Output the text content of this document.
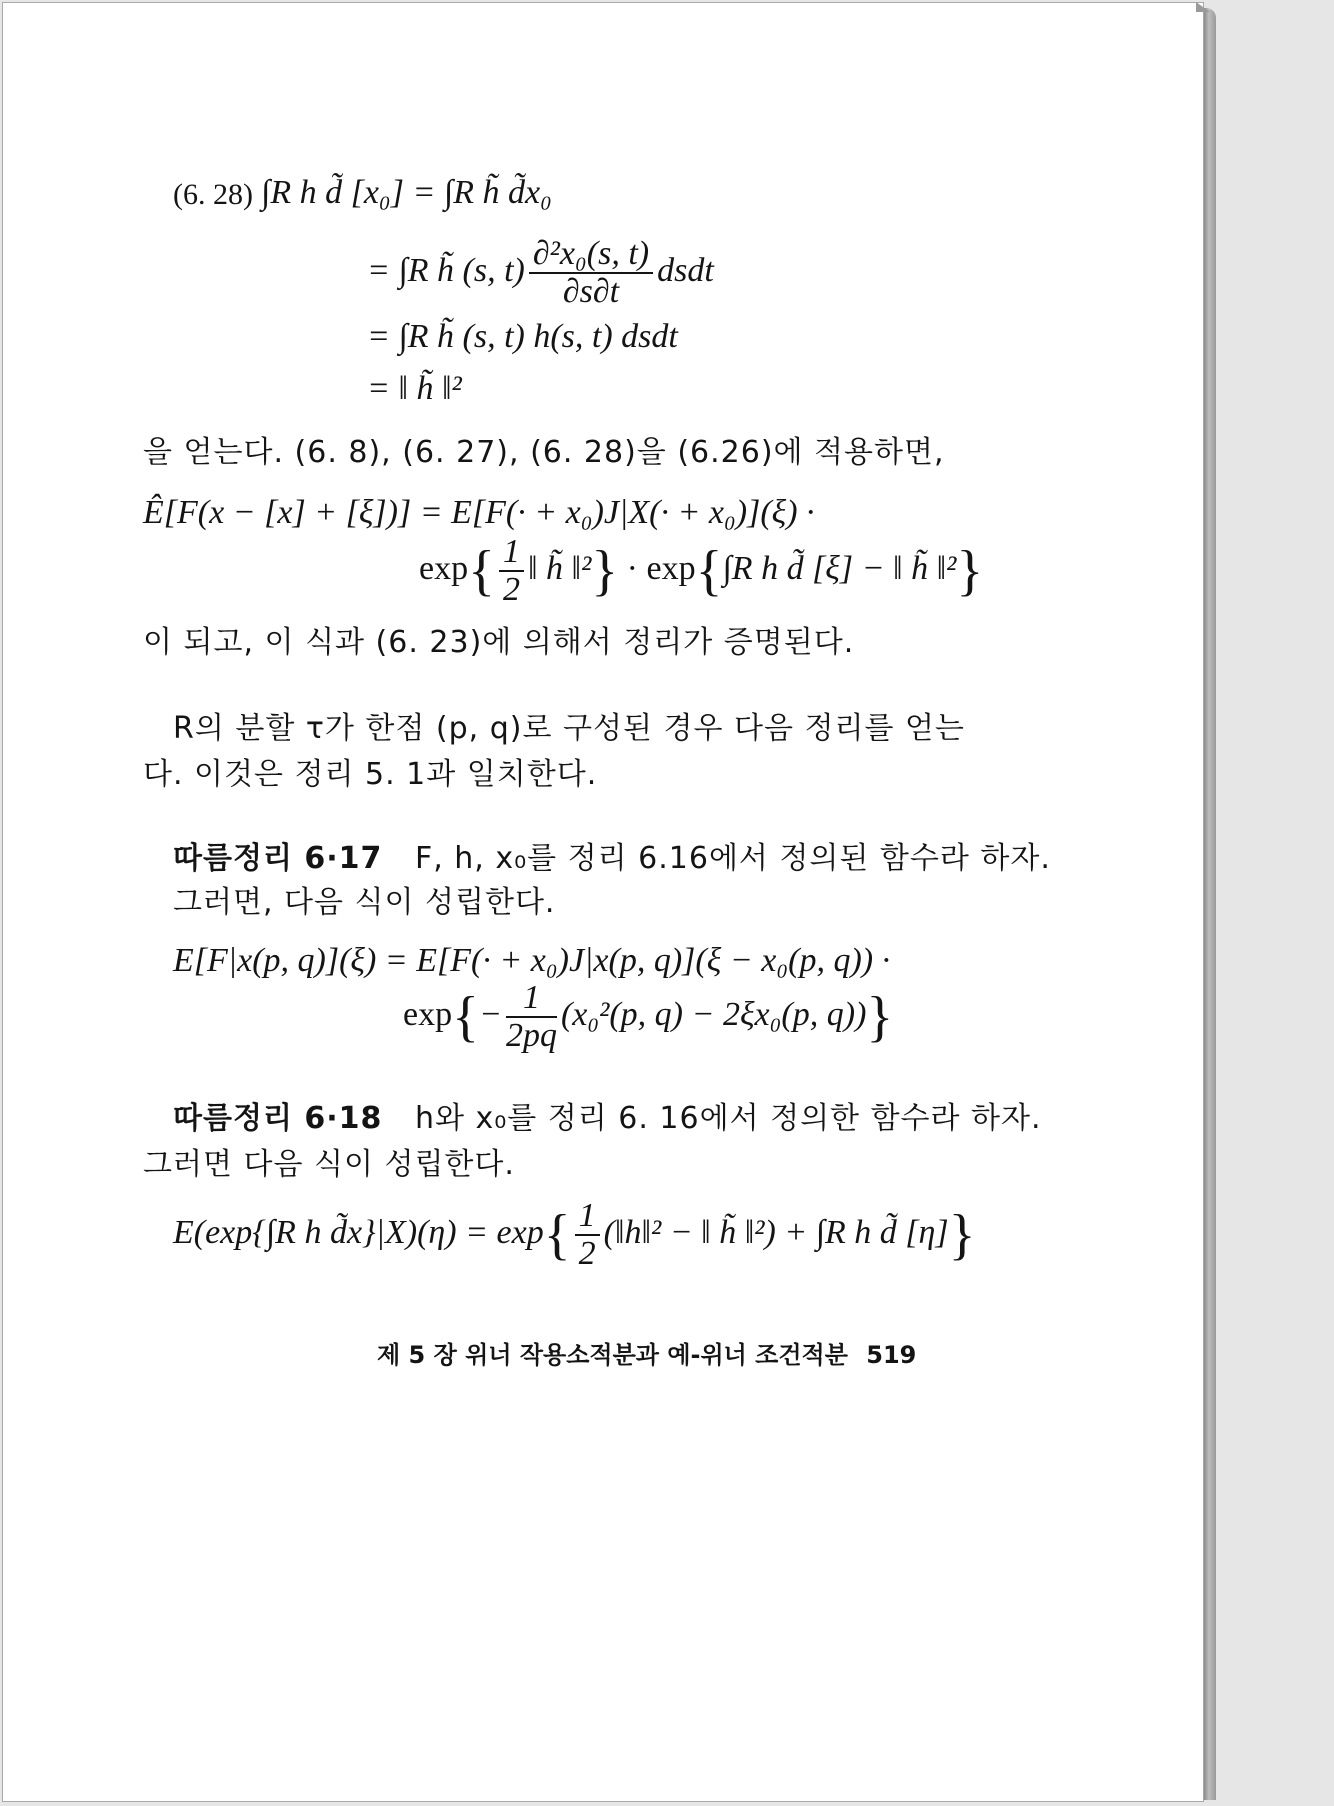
(6. 28) ∫R h d̃ [x₀] = ∫R h̃ d̃x₀
= ∫R h̃ (s, $t) \frac{\text{∂²x₀(s, t)}}{\partial s\partial t}$ dsdt
= ∫R h̃ (s, t) h(s, t) dsdt
= ‖ h̃ ‖²
을 얻는다. (6. 8), (6. 27), (6. 28)을 (6.26)에 적용하면,
Ê[F(x − [x] + [ξ])] = E[F(· + x₀)J|X(· + x₀)](ξ) ·
$\exp\{ \frac{1}{2}$ ‖ h̃ ‖²} · exp{∫R h d̃ [ξ] − ‖ h̃ ‖²}
이 되고, 이 식과 (6. 23)에 의해서 정리가 증명된다.
R의 분할 τ가 한점 (p, q)로 구성된 경우 다음 정리를 얻는
다. 이것은 정리 5. 1과 일치한다.
따름정리 6·17 F, h, x₀를 정리 6.16에서 정의된 함수라 하자.
그러면, 다음 식이 성립한다.
E[F|x(p, q)](ξ) = E[F(· + x₀)J|x(p, q)](ξ − x₀(p, q)) ·
$\exp\{- \frac{1}{2pq} (x_0^2(p$, q) − 2ξx₀(p, q))}
따름정리 6·18 h와 x₀를 정리 6. 16에서 정의한 함수라 하자.
그러면 다음 식이 성립한다.
E(exp{∫R h d̃x}|X)(η) = $\exp\{ \frac{1}{2}$ (‖h‖² − ‖ h̃ ‖²) + ∫R h d̃ [η]}
제 5 장 위너 작용소적분과 예-위너 조건적분 519
